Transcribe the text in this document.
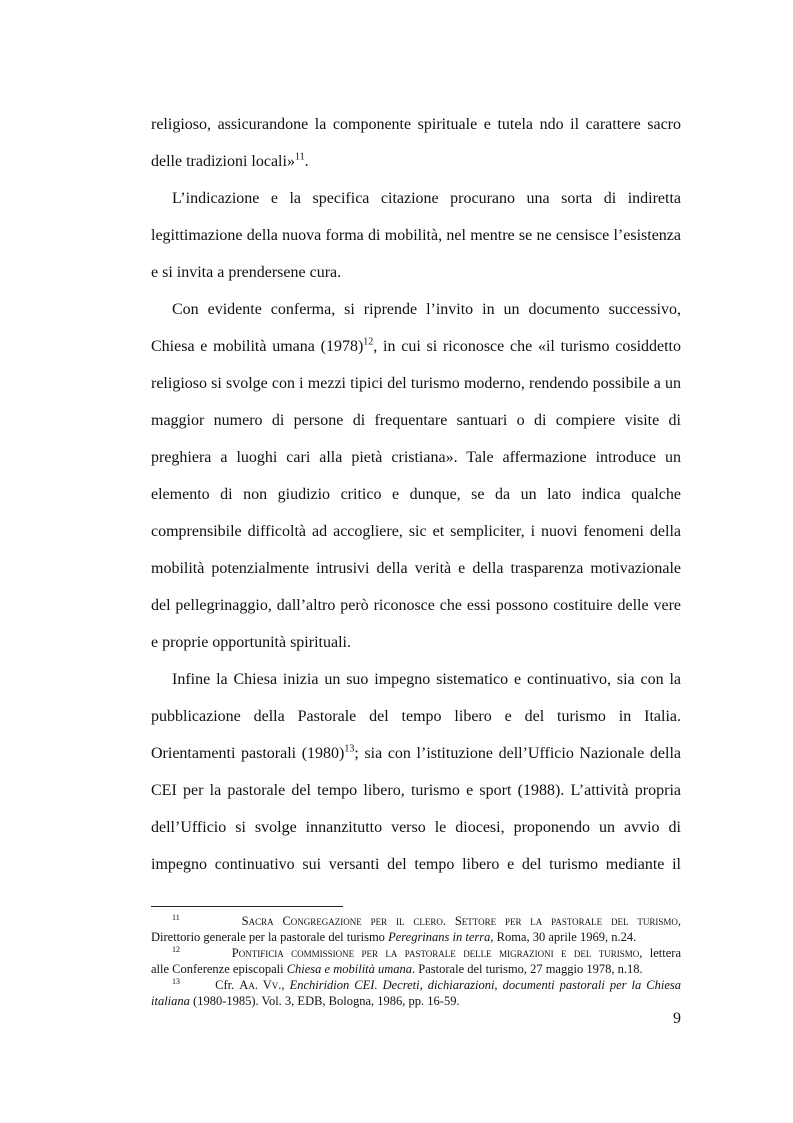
religioso, assicurandone la componente spirituale e tutela ndo il carattere sacro
delle tradizioni locali»$^{11}$.
L’indicazione e la specifica citazione procurano una sorta di indiretta
legittimazione della nuova forma di mobilità, nel mentre se ne censisce l’esistenza
e si invita a prendersene cura.
Con evidente conferma, si riprende l’invito in un documento successivo,
Chiesa e mobilità umana $(1978)^{12}$, in cui si riconosce che «il turismo cosiddetto
religioso si svolge con i mezzi tipici del turismo moderno, rendendo possibile a un
maggior numero di persone di frequentare santuari o di compiere visite di
preghiera a luoghi cari alla pietà cristiana». Tale affermazione introduce un
elemento di non giudizio critico e dunque, se da un lato indica qualche
comprensibile difficoltà ad accogliere, sic et sempliciter, i nuovi fenomeni della
mobilità potenzialmente intrusivi della verità e della trasparenza motivazionale
del pellegrinaggio, dall’altro però riconosce che essi possono costituire delle vere
e proprie opportunità spirituali.
Infine la Chiesa inizia un suo impegno sistematico e continuativo, sia con la
pubblicazione della Pastorale del tempo libero e del turismo in Italia.
Orientamenti pastorali $(1980)^{13}$; sia con l’istituzione dell’Ufficio Nazionale della
CEI per la pastorale del tempo libero, turismo e sport (1988). L’attività propria
dell’Ufficio si svolge innanzitutto verso le diocesi, proponendo un avvio di
impegno continuativo sui versanti del tempo libero e del turismo mediante il
$^{11}$	Sacra Congregazione per il clero. Settore per la pastorale del turismo,
Direttorio generale per la pastorale del turismo Peregrinans in terra, Roma, 30 aprile 1969, n.24.
$^{12}$	Pontificia commissione per la pastorale delle migrazioni e del turismo, lettera
alle Conferenze episcopali Chiesa e mobilità umana. Pastorale del turismo, 27 maggio 1978, n.18.
$^{13}$	Cfr. Aa. Vv., Enchiridion CEI. Decreti, dichiarazioni, documenti pastorali per la Chiesa
italiana (1980-1985). Vol. 3, EDB, Bologna, 1986, pp. 16-59.
9
